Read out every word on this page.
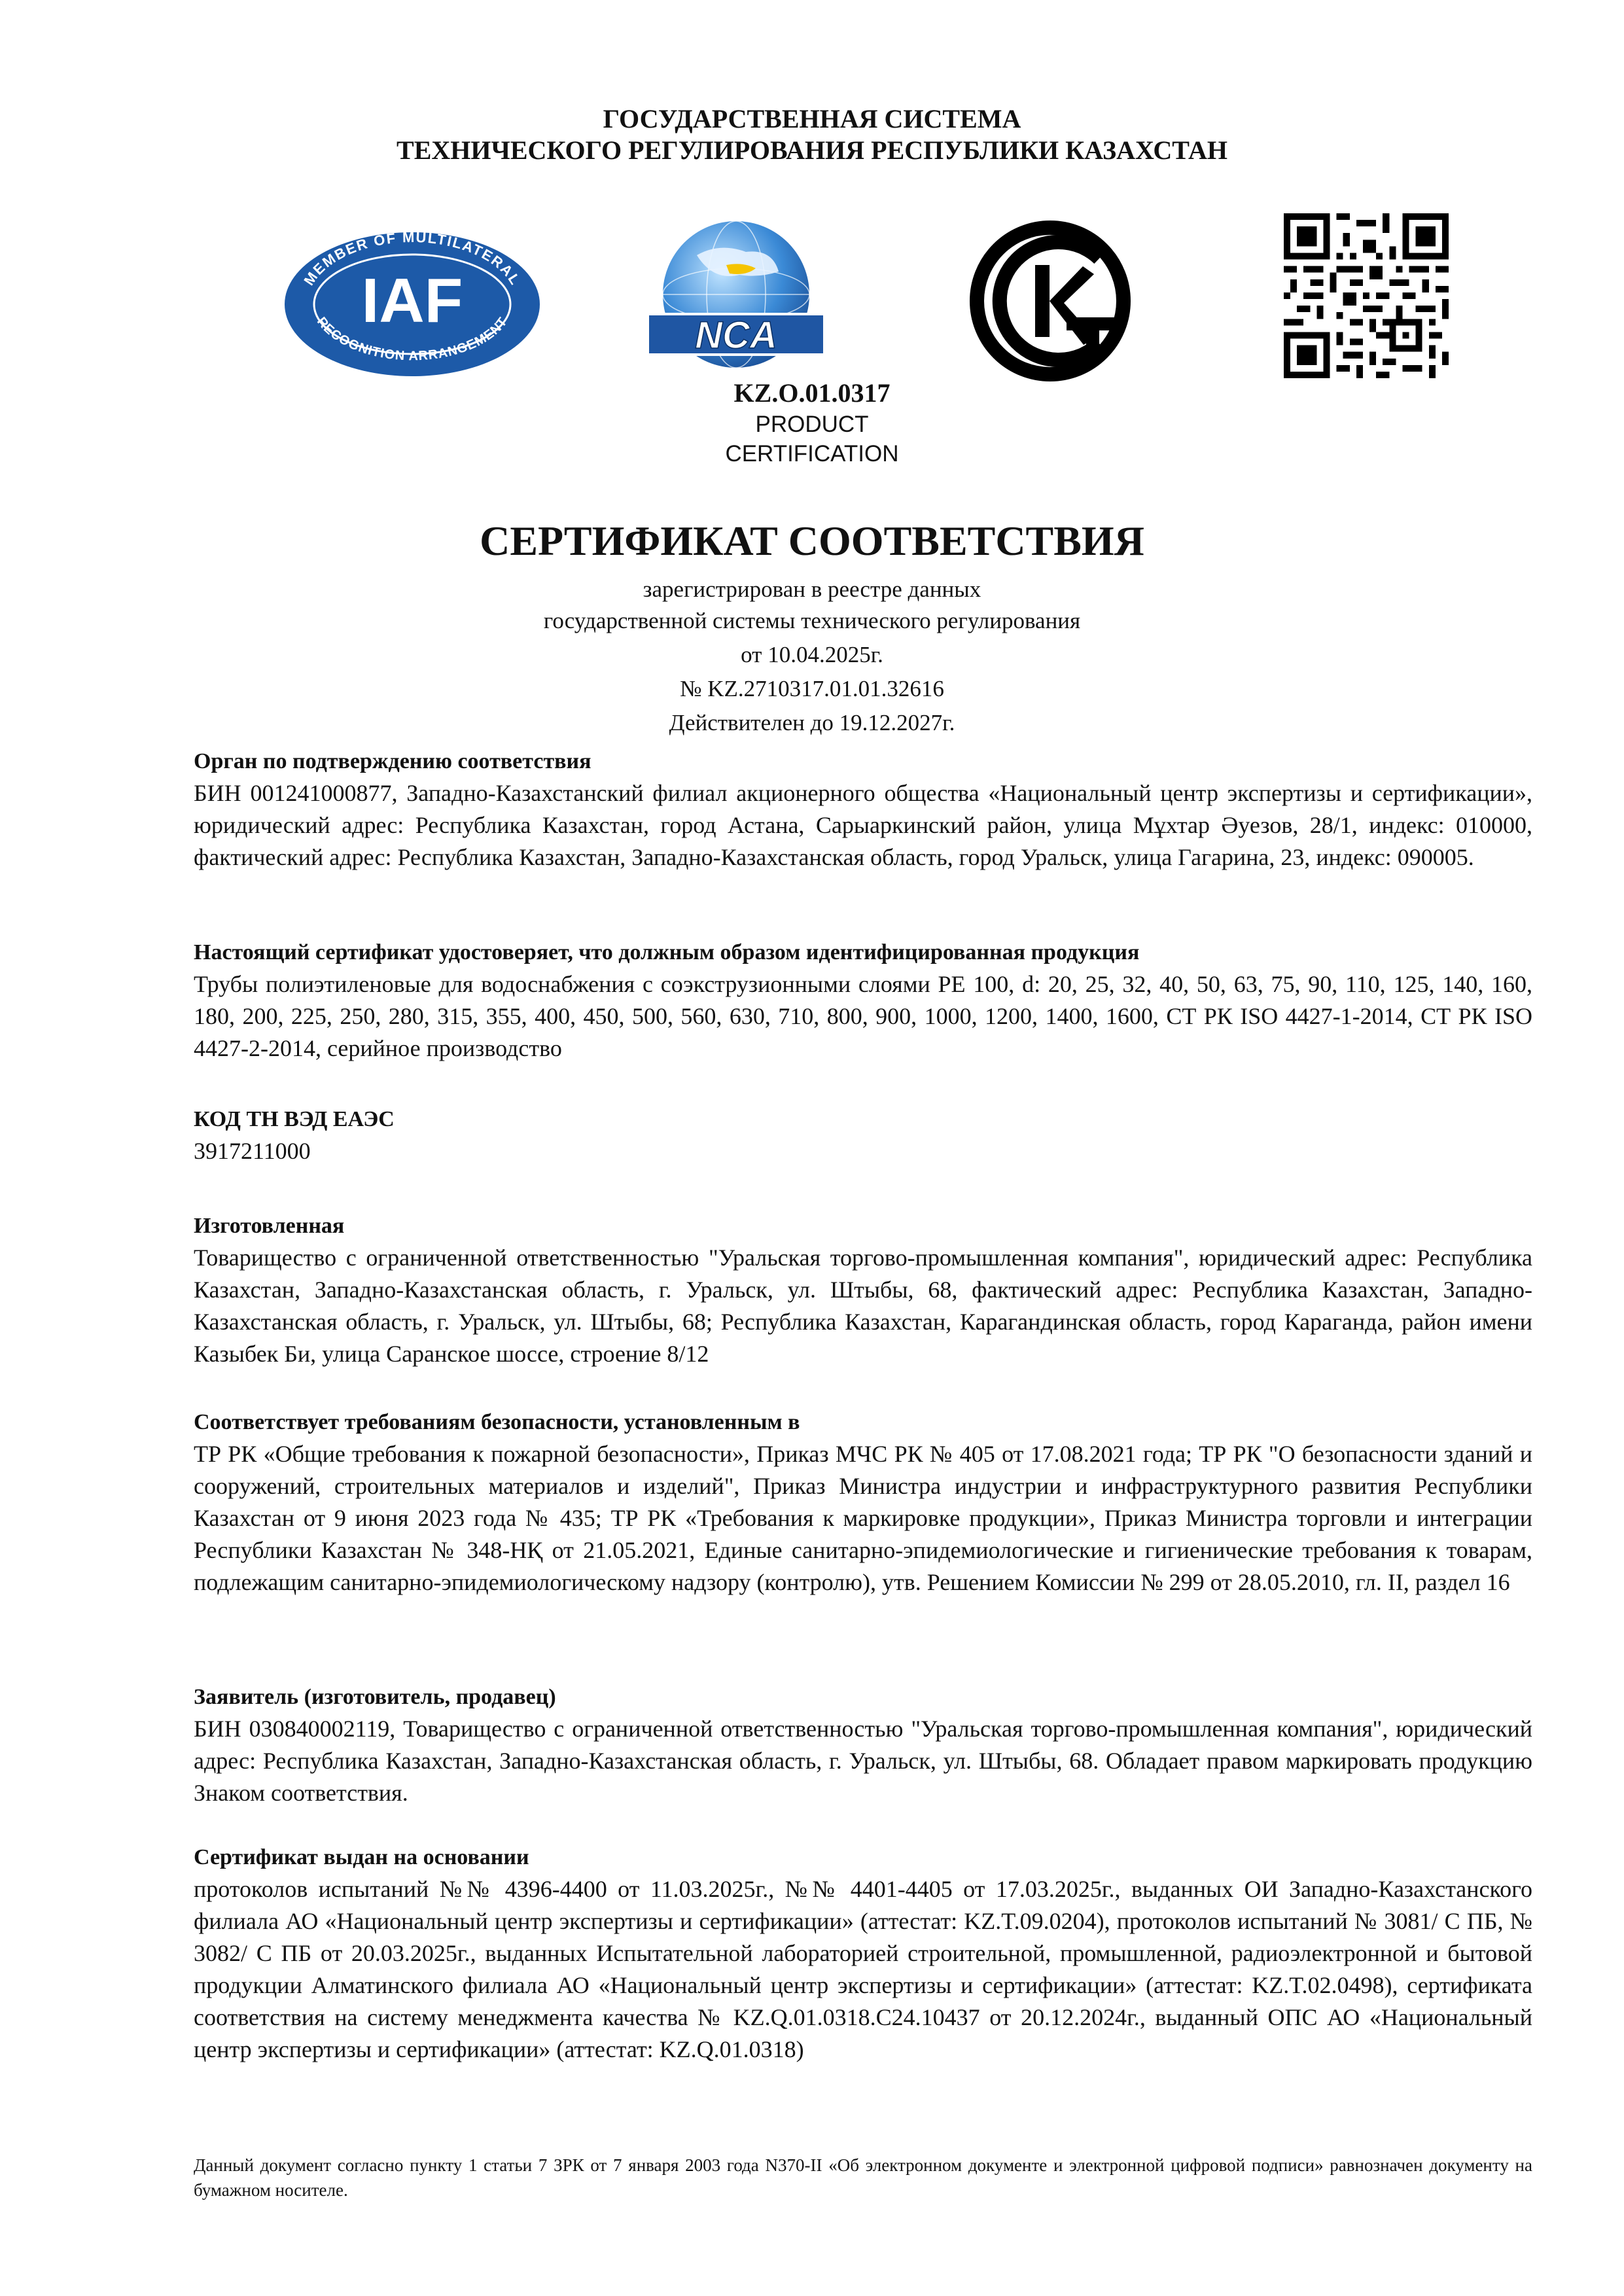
ГОСУДАРСТВЕННАЯ СИСТЕМА
ТЕХНИЧЕСКОГО РЕГУЛИРОВАНИЯ РЕСПУБЛИКИ КАЗАХСТАН
MEMBER OF MULTILATERAL
RECOGNITION ARRANGEMENT
IAF	NCA
KZ.O.01.0317
PRODUCT
CERTIFICATION
СЕРТИФИКАТ СООТВЕТСТВИЯ
зарегистрирован в реестре данных
государственной системы технического регулирования
от 10.04.2025г.
№ KZ.2710317.01.01.32616
Действителен до 19.12.2027г.
Орган по подтверждению соответствия
БИН 001241000877, Западно-Казахстанский филиал акционерного общества «Национальный центр экспертизы и сертификации», юридический адрес: Республика Казахстан, город Астана, Сарыаркинский район, улица Мұхтар Әуезов, 28/1, индекс: 010000, фактический адрес: Республика Казахстан, Западно-Казахстанская область, город Уральск, улица Гагарина, 23, индекс: 090005.
Настоящий сертификат удостоверяет, что должным образом идентифицированная продукция
Трубы полиэтиленовые для водоснабжения с соэкструзионными слоями PE 100, d: 20, 25, 32, 40, 50, 63, 75, 90, 110, 125, 140, 160, 180, 200, 225, 250, 280, 315, 355, 400, 450, 500, 560, 630, 710, 800, 900, 1000, 1200, 1400, 1600, СТ РК ISO 4427-1-2014, СТ РК ISO 4427-2-2014, серийное производство
КОД ТН ВЭД ЕАЭС
3917211000
Изготовленная
Товарищество с ограниченной ответственностью "Уральская торгово-промышленная компания", юридический адрес: Республика Казахстан, Западно-Казахстанская область, г. Уральск, ул. Штыбы, 68, фактический адрес: Республика Казахстан, Западно-Казахстанская область, г. Уральск, ул. Штыбы, 68; Республика Казахстан, Карагандинская область, город Караганда, район имени Казыбек Би, улица Саранское шоссе, строение 8/12
Соответствует требованиям безопасности, установленным в
ТР РК «Общие требования к пожарной безопасности», Приказ МЧС РК № 405 от 17.08.2021 года; ТР РК "О безопасности зданий и сооружений, строительных материалов и изделий", Приказ Министра индустрии и инфраструктурного развития Республики Казахстан от 9 июня 2023 года № 435; ТР РК «Требования к маркировке продукции», Приказ Министра торговли и интеграции Республики Казахстан № 348-НҚ от 21.05.2021, Единые санитарно-эпидемиологические и гигиенические требования к товарам, подлежащим санитарно-эпидемиологическому надзору (контролю), утв. Решением Комиссии № 299 от 28.05.2010, гл. II, раздел 16
Заявитель (изготовитель, продавец)
БИН 030840002119, Товарищество с ограниченной ответственностью "Уральская торгово-промышленная компания", юридический адрес: Республика Казахстан, Западно-Казахстанская область, г. Уральск, ул. Штыбы, 68. Обладает правом маркировать продукцию Знаком соответствия.
Сертификат выдан на основании
протоколов испытаний №№ 4396-4400 от 11.03.2025г., №№ 4401-4405 от 17.03.2025г., выданных ОИ Западно-Казахстанского филиала АО «Национальный центр экспертизы и сертификации» (аттестат: KZ.T.09.0204), протоколов испытаний № 3081/ С ПБ, № 3082/ С ПБ от 20.03.2025г., выданных Испытательной лабораторией строительной, промышленной, радиоэлектронной и бытовой продукции Алматинского филиала АО «Национальный центр экспертизы и сертификации» (аттестат: KZ.T.02.0498), сертификата соответствия на систему менеджмента качества № KZ.Q.01.0318.C24.10437 от 20.12.2024г., выданный ОПС АО «Национальный центр экспертизы и сертификации» (аттестат: KZ.Q.01.0318)
Данный документ согласно пункту 1 статьи 7 ЗРК от 7 января 2003 года N370-II «Об электронном документе и электронной цифровой подписи» равнозначен документу на бумажном носителе.
